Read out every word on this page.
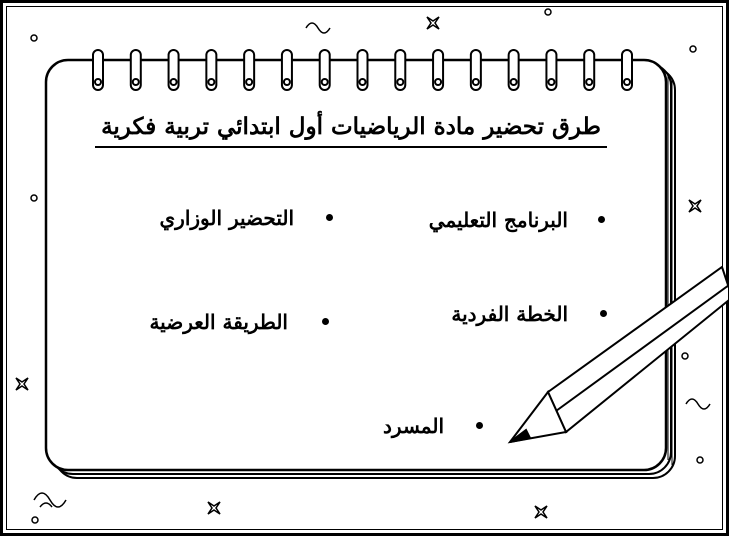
طرق تحضير مادة الرياضيات أول ابتدائي تربية فكرية
البرنامج التعليمي
الخطة الفردية
المسرد
التحضير الوزاري
الطريقة العرضية
